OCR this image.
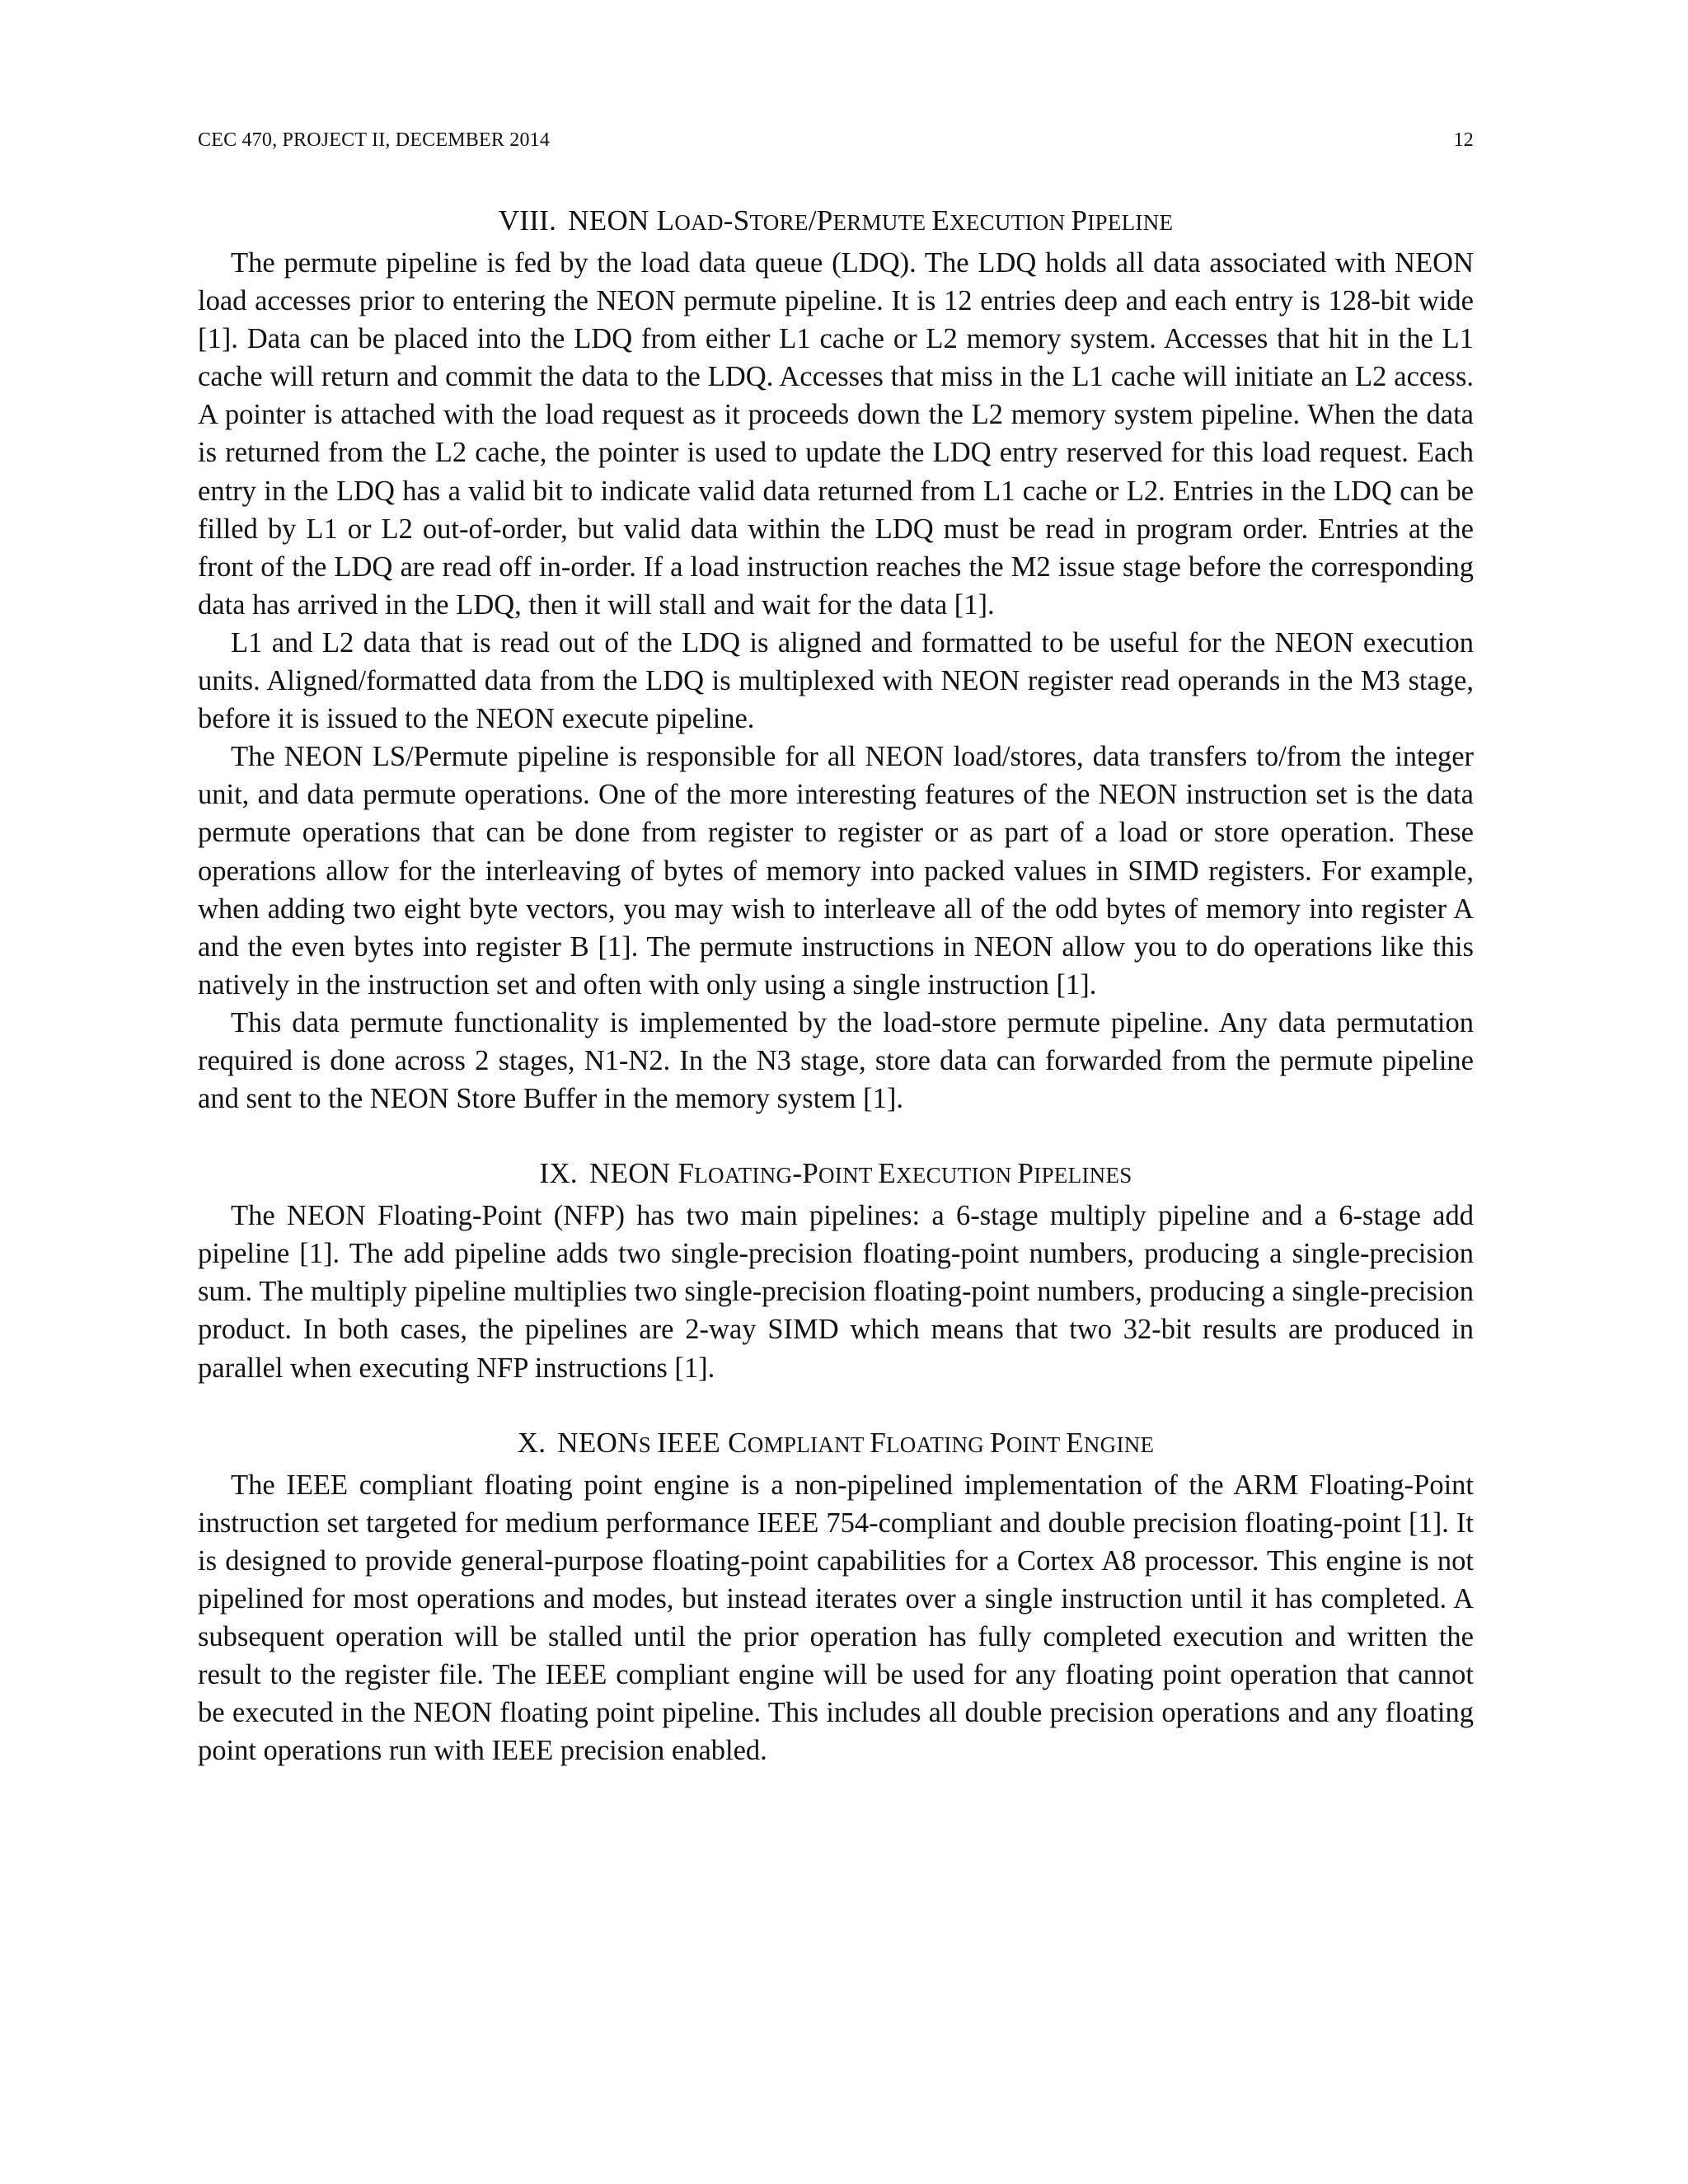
CEC 470, PROJECT II, DECEMBER 2014	12
VIII. NEON LOAD-STORE/PERMUTE EXECUTION PIPELINE

The permute pipeline is fed by the load data queue (LDQ). The LDQ holds all data associated with NEON load accesses prior to entering the NEON permute pipeline. It is 12 entries deep and each entry is 128-bit wide [1]. Data can be placed into the LDQ from either L1 cache or L2 memory system. Accesses that hit in the L1 cache will return and commit the data to the LDQ. Accesses that miss in the L1 cache will initiate an L2 access. A pointer is attached with the load request as it proceeds down the L2 memory system pipeline. When the data is returned from the L2 cache, the pointer is used to update the LDQ entry reserved for this load request. Each entry in the LDQ has a valid bit to indicate valid data returned from L1 cache or L2. Entries in the LDQ can be filled by L1 or L2 out-of-order, but valid data within the LDQ must be read in program order. Entries at the front of the LDQ are read off in-order. If a load instruction reaches the M2 issue stage before the corresponding data has arrived in the LDQ, then it will stall and wait for the data [1].

L1 and L2 data that is read out of the LDQ is aligned and formatted to be useful for the NEON execution units. Aligned/formatted data from the LDQ is multiplexed with NEON register read operands in the M3 stage, before it is issued to the NEON execute pipeline.

The NEON LS/Permute pipeline is responsible for all NEON load/stores, data transfers to/from the integer unit, and data permute operations. One of the more interesting features of the NEON instruction set is the data permute operations that can be done from register to register or as part of a load or store operation. These operations allow for the interleaving of bytes of memory into packed values in SIMD registers. For example, when adding two eight byte vectors, you may wish to interleave all of the odd bytes of memory into register A and the even bytes into register B [1]. The permute instructions in NEON allow you to do operations like this natively in the instruction set and often with only using a single instruction [1].

This data permute functionality is implemented by the load-store permute pipeline. Any data permutation required is done across 2 stages, N1-N2. In the N3 stage, store data can forwarded from the permute pipeline and sent to the NEON Store Buffer in the memory system [1].

IX. NEON FLOATING-POINT EXECUTION PIPELINES

The NEON Floating-Point (NFP) has two main pipelines: a 6-stage multiply pipeline and a 6-stage add pipeline [1]. The add pipeline adds two single-precision floating-point numbers, producing a single-precision sum. The multiply pipeline multiplies two single-precision floating-point numbers, producing a single-precision product. In both cases, the pipelines are 2-way SIMD which means that two 32-bit results are produced in parallel when executing NFP instructions [1].

X. NEONS IEEE COMPLIANT FLOATING POINT ENGINE

The IEEE compliant floating point engine is a non-pipelined implementation of the ARM Floating-Point instruction set targeted for medium performance IEEE 754-compliant and double precision floating-point [1]. It is designed to provide general-purpose floating-point capabilities for a Cortex A8 processor. This engine is not pipelined for most operations and modes, but instead iterates over a single instruction until it has completed. A subsequent operation will be stalled until the prior operation has fully completed execution and written the result to the register file. The IEEE compliant engine will be used for any floating point operation that cannot be executed in the NEON floating point pipeline. This includes all double precision operations and any floating point operations run with IEEE precision enabled.
